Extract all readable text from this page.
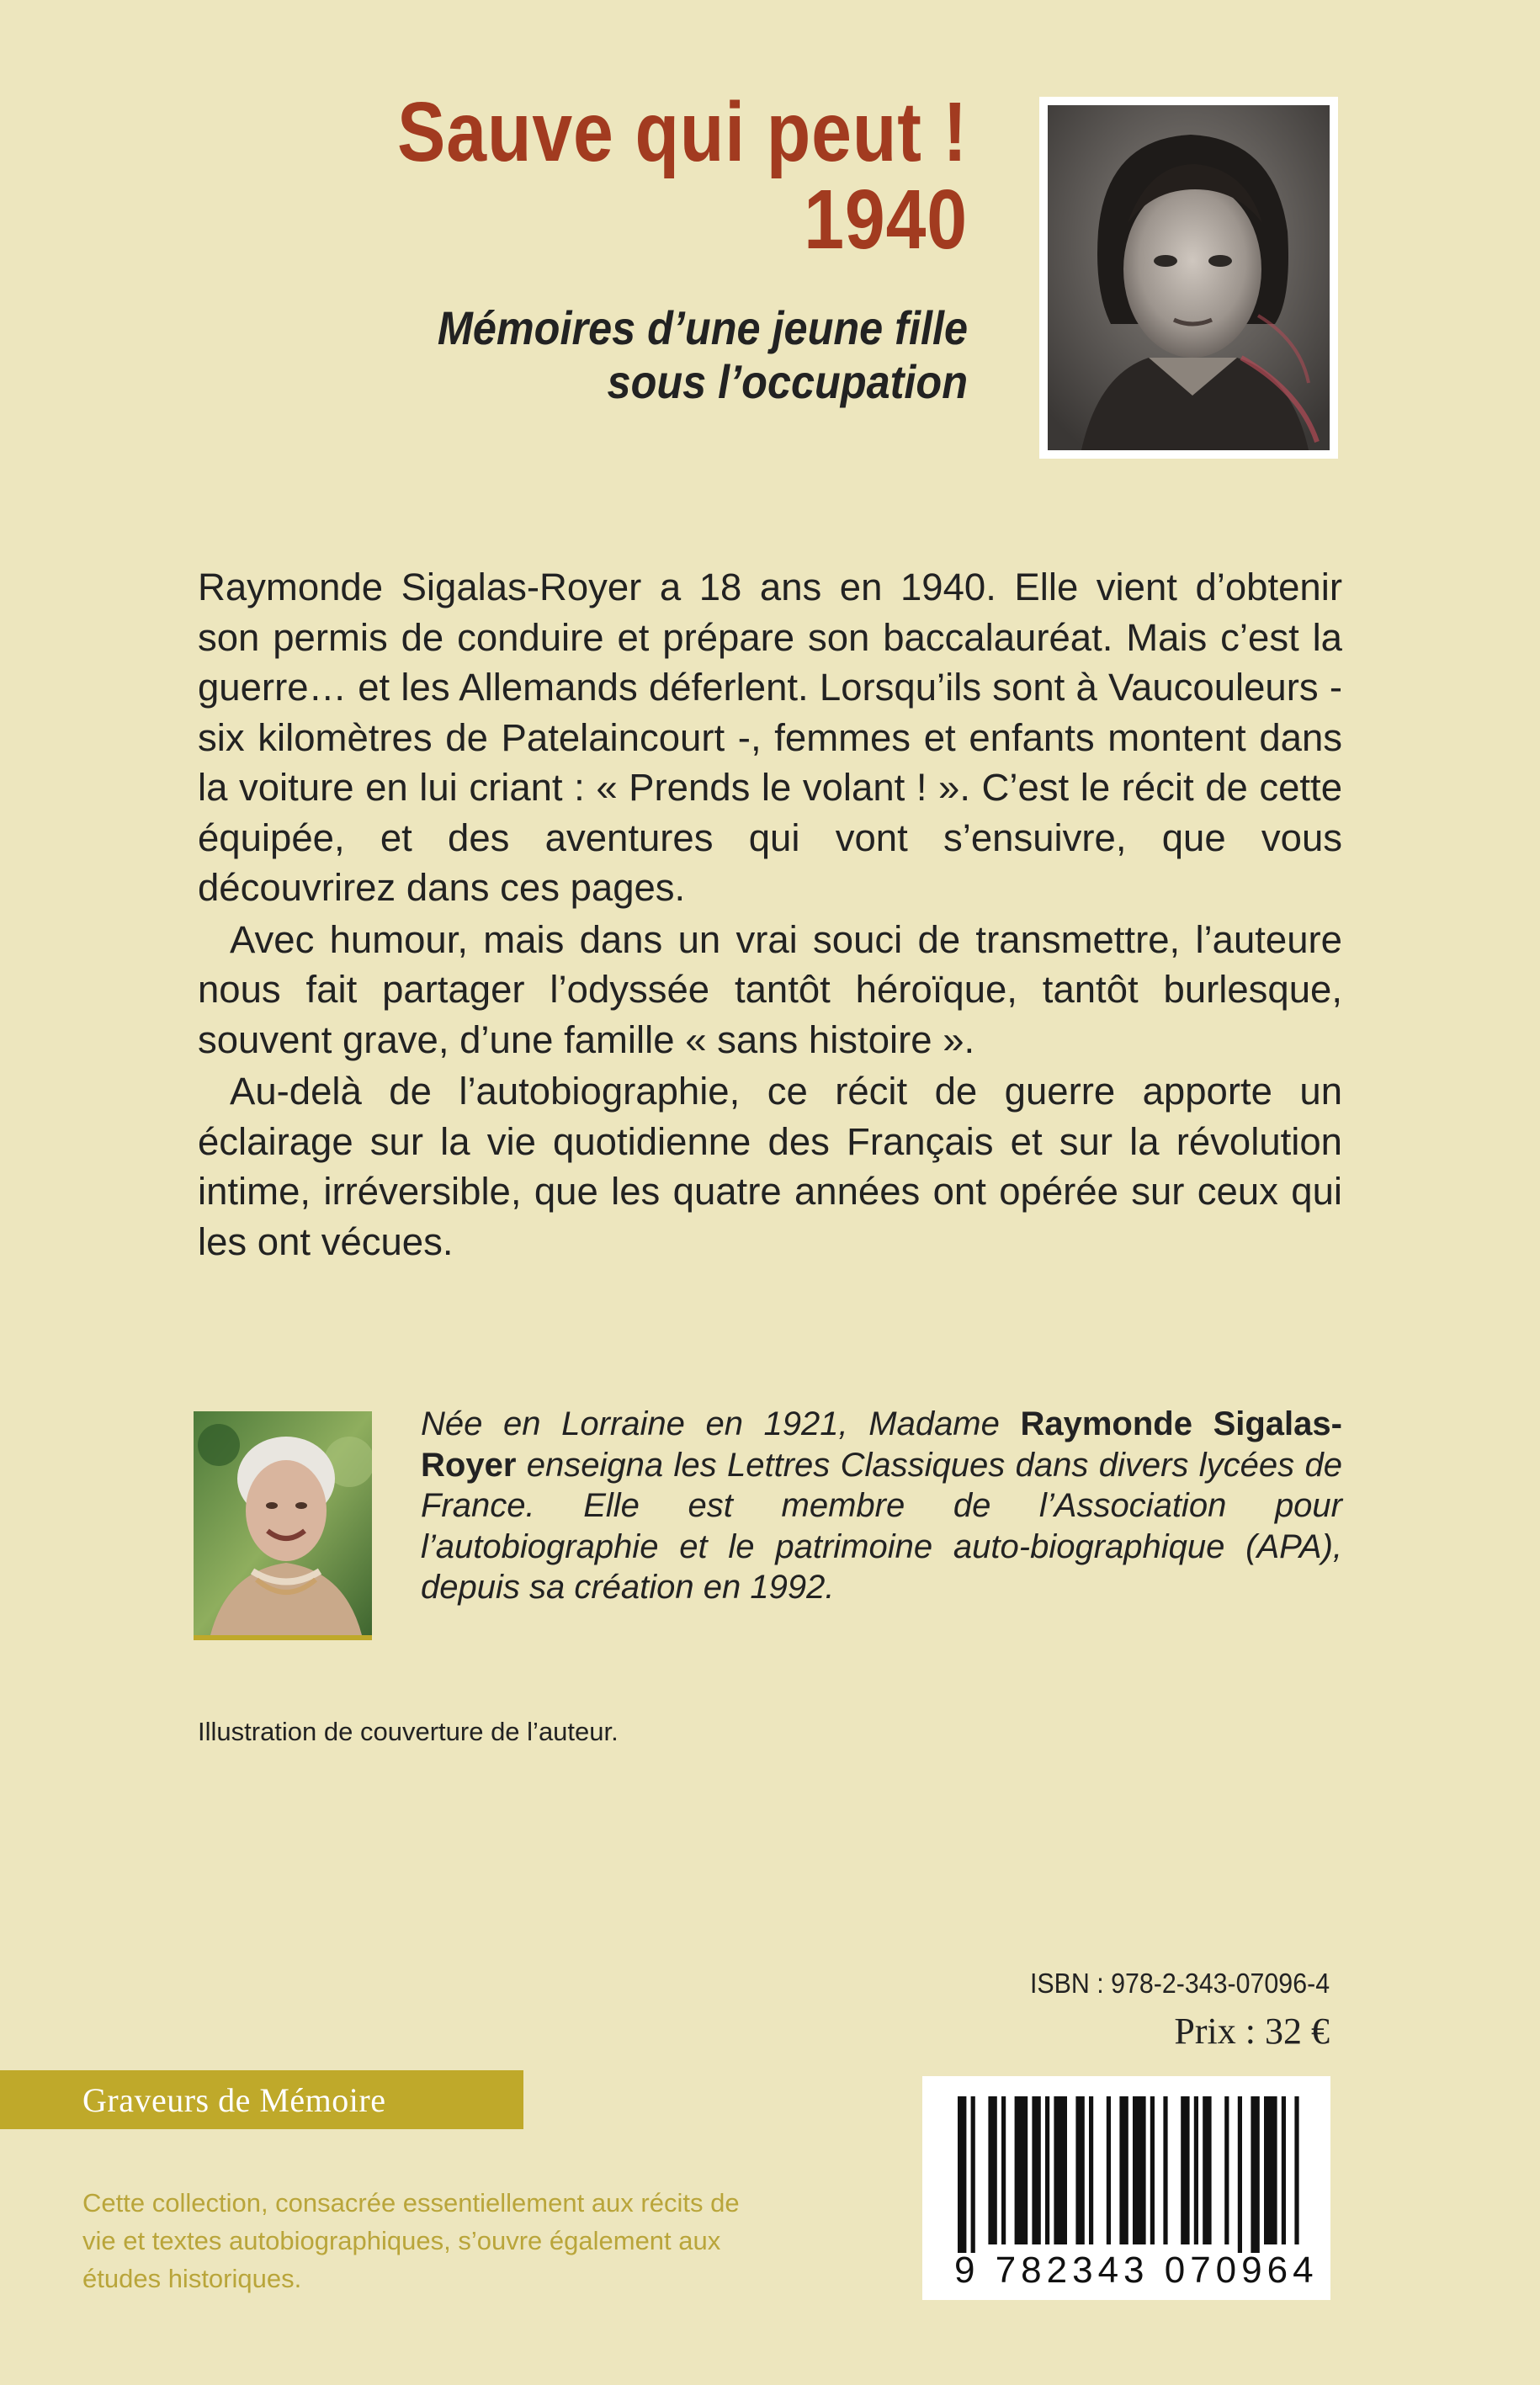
Sauve qui peut !
1940
Mémoires d’une jeune fille
sous l’occupation

Raymonde Sigalas-Royer a 18 ans en 1940. Elle vient d’obtenir son permis de conduire et prépare son baccalauréat. Mais c’est la guerre… et les Allemands déferlent. Lorsqu’ils sont à Vaucouleurs - six kilomètres de Patelaincourt -, femmes et enfants montent dans la voiture en lui criant : « Prends le volant ! ». C’est le récit de cette équipée, et des aventures qui vont s’ensuivre, que vous découvrirez dans ces pages.

Avec humour, mais dans un vrai souci de transmettre, l’auteure nous fait partager l’odyssée tantôt héroïque, tantôt burlesque, souvent grave, d’une famille « sans histoire ».

Au-delà de l’autobiographie, ce récit de guerre apporte un éclairage sur la vie quotidienne des Français et sur la révolution intime, irréversible, que les quatre années ont opérée sur ceux qui les ont vécues.

Née en Lorraine en 1921, Madame Raymonde Sigalas-Royer enseigna les Lettres Classiques dans divers lycées de France. Elle est membre de l’Association pour l’autobiographie et le patrimoine auto-biographique (APA), depuis sa création en 1992.
Illustration de couverture de l’auteur.
ISBN : 978-2-343-07096-4
Prix : 32 €
Graveurs de Mémoire
Cette collection, consacrée essentiellement aux récits de vie et textes autobiographiques, s’ouvre également aux études historiques.	9 782343 070964
